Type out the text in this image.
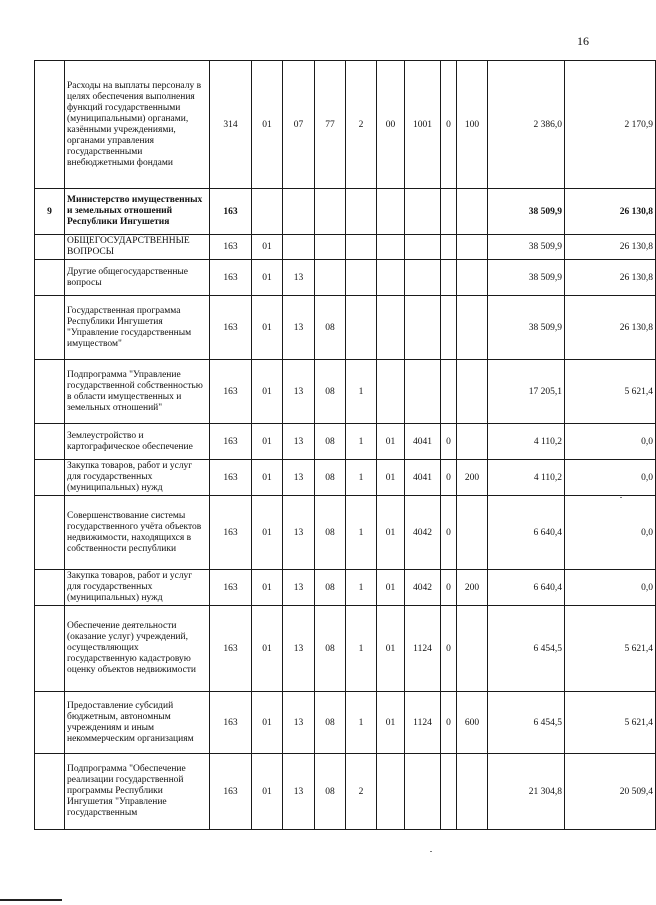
16
	Расходы на выплаты персоналу в целях обеспечения выполнения функций государственными (муниципальными) органами, казёнными учреждениями, органами управления государственными внебюджетными фондами	314	01	07	77	2	00	1001	0	100	2 386,0	2 170,9
9	Министерство имущественных и земельных отношений Республики Ингушетия	163									38 509,9	26 130,8
	ОБЩЕГОСУДАРСТВЕННЫЕ ВОПРОСЫ	163	01								38 509,9	26 130,8
	Другие общегосударственные вопросы	163	01	13							38 509,9	26 130,8
	Государственная программа Республики Ингушетия "Управление государственным имуществом"	163	01	13	08						38 509,9	26 130,8
	Подпрограмма "Управление государственной собственностью в области имущественных и земельных отношений"	163	01	13	08	1					17 205,1	5 621,4
	Землеустройство и картографическое обеспечение	163	01	13	08	1	01	4041	0		4 110,2	0,0
	Закупка товаров, работ и услуг для государственных (муниципальных) нужд	163	01	13	08	1	01	4041	0	200	4 110,2	0,0
	Совершенствование системы государственного учёта объектов недвижимости, находящихся в собственности республики	163	01	13	08	1	01	4042	0		6 640,4	0,0
	Закупка товаров, работ и услуг для государственных (муниципальных) нужд	163	01	13	08	1	01	4042	0	200	6 640,4	0,0
	Обеспечение деятельности (оказание услуг) учреждений, осуществляющих государственную кадастровую оценку объектов недвижимости	163	01	13	08	1	01	1124	0		6 454,5	5 621,4
	Предоставление субсидий бюджетным, автономным учреждениям и иным некоммерческим организациям	163	01	13	08	1	01	1124	0	600	6 454,5	5 621,4
	Подпрограмма "Обеспечение реализации государственной программы Республики Ингушетия "Управление государственным	163	01	13	08	2					21 304,8	20 509,4
